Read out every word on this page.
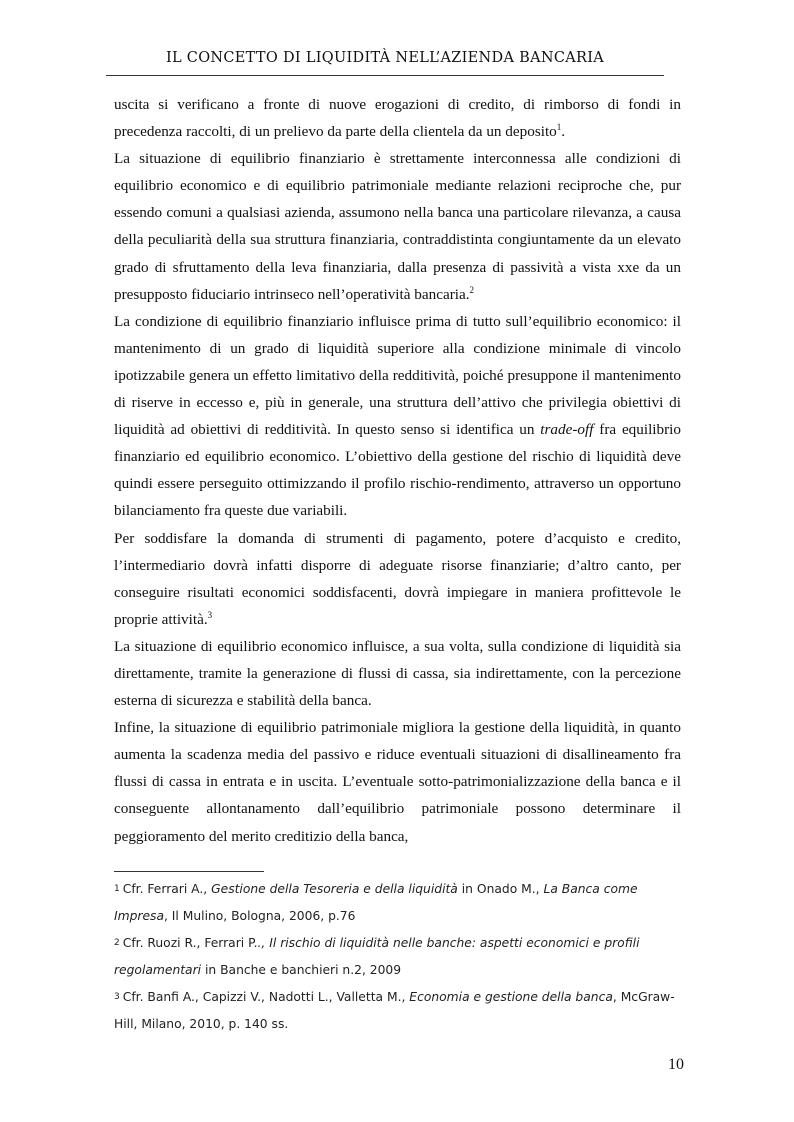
IL CONCETTO DI LIQUIDITÀ NELL’AZIENDA BANCARIA

uscita si verificano a fronte di nuove erogazioni di credito, di rimborso di fondi in precedenza raccolti, di un prelievo da parte della clientela da un deposito$^1$.

La situazione di equilibrio finanziario è strettamente interconnessa alle condizioni di equilibrio economico e di equilibrio patrimoniale mediante relazioni reciproche che, pur essendo comuni a qualsiasi azienda, assumono nella banca una particolare rilevanza, a causa della peculiarità della sua struttura finanziaria, contraddistinta congiuntamente da un elevato grado di sfruttamento della leva finanziaria, dalla presenza di passività a vista xxe da un presupposto fiduciario intrinseco nell’operatività bancaria.$^2$

La condizione di equilibrio finanziario influisce prima di tutto sull’equilibrio economico: il mantenimento di un grado di liquidità superiore alla condizione minimale di vincolo ipotizzabile genera un effetto limitativo della redditività, poiché presuppone il mantenimento di riserve in eccesso e, più in generale, una struttura dell’attivo che privilegia obiettivi di liquidità ad obiettivi di redditività. In questo senso si identifica un trade-off fra equilibrio finanziario ed equilibrio economico. L’obiettivo della gestione del rischio di liquidità deve quindi essere perseguito ottimizzando il profilo rischio-rendimento, attraverso un opportuno bilanciamento fra queste due variabili.

Per soddisfare la domanda di strumenti di pagamento, potere d’acquisto e credito, l’intermediario dovrà infatti disporre di adeguate risorse finanziarie; d’altro canto, per conseguire risultati economici soddisfacenti, dovrà impiegare in maniera profittevole le proprie attività.$^3$

La situazione di equilibrio economico influisce, a sua volta, sulla condizione di liquidità sia direttamente, tramite la generazione di flussi di cassa, sia indirettamente, con la percezione esterna di sicurezza e stabilità della banca.

Infine, la situazione di equilibrio patrimoniale migliora la gestione della liquidità, in quanto aumenta la scadenza media del passivo e riduce eventuali situazioni di disallineamento fra flussi di cassa in entrata e in uscita. L’eventuale sotto-patrimonializzazione della banca e il conseguente allontanamento dall’equilibrio patrimoniale possono determinare il peggioramento del merito creditizio della banca,

1 Cfr. Ferrari A., Gestione della Tesoreria e della liquidità in Onado M., La Banca come Impresa, Il Mulino, Bologna, 2006, p.76

2 Cfr. Ruozi R., Ferrari P.., Il rischio di liquidità nelle banche: aspetti economici e profili regolamentari in Banche e banchieri n.2, 2009

3 Cfr. Banfi A., Capizzi V., Nadotti L., Valletta M., Economia e gestione della banca, McGraw-Hill, Milano, 2010, p. 140 ss.

10
